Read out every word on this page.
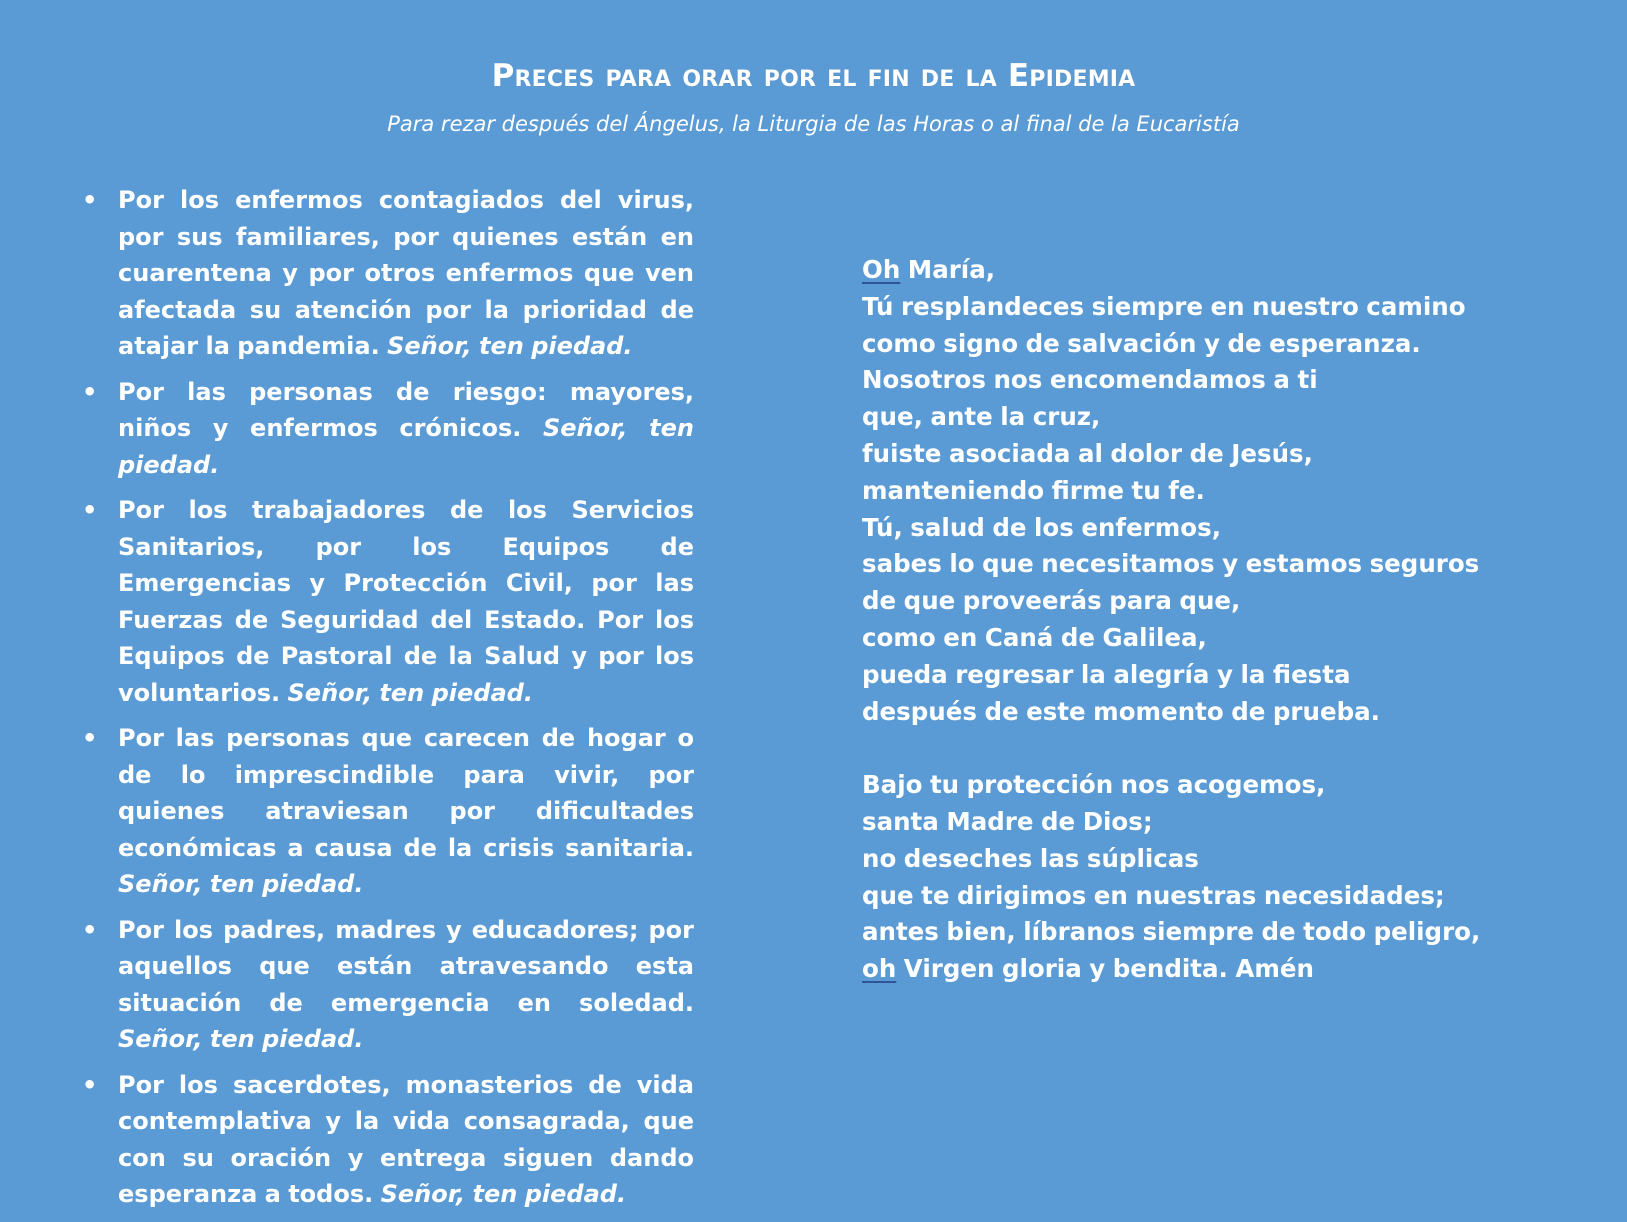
Preces para orar por el fin de la Epidemia
Para rezar después del Ángelus, la Liturgia de las Horas o al final de la Eucaristía
• Por los enfermos contagiados del virus, por sus familiares, por quienes están en cuarentena y por otros enfermos que ven afectada su atención por la prioridad de atajar la pandemia. Señor, ten piedad.
• Por las personas de riesgo: mayores, niños y enfermos crónicos. Señor, ten piedad.
• Por los trabajadores de los Servicios Sanitarios, por los Equipos de Emergencias y Protección Civil, por las Fuerzas de Seguridad del Estado. Por los Equipos de Pastoral de la Salud y por los voluntarios. Señor, ten piedad.
• Por las personas que carecen de hogar o de lo imprescindible para vivir, por quienes atraviesan por dificultades económicas a causa de la crisis sanitaria. Señor, ten piedad.
• Por los padres, madres y educadores; por aquellos que están atravesando esta situación de emergencia en soledad. Señor, ten piedad.
• Por los sacerdotes, monasterios de vida contemplativa y la vida consagrada, que con su oración y entrega siguen dando esperanza a todos. Señor, ten piedad.
Oh María,
Tú resplandeces siempre en nuestro camino
como signo de salvación y de esperanza.
Nosotros nos encomendamos a ti
que, ante la cruz,
fuiste asociada al dolor de Jesús,
manteniendo firme tu fe.
Tú, salud de los enfermos,
sabes lo que necesitamos y estamos seguros
de que proveerás para que,
como en Caná de Galilea,
pueda regresar la alegría y la fiesta
después de este momento de prueba.
Bajo tu protección nos acogemos,
santa Madre de Dios;
no deseches las súplicas
que te dirigimos en nuestras necesidades;
antes bien, líbranos siempre de todo peligro,
oh Virgen gloria y bendita. Amén
